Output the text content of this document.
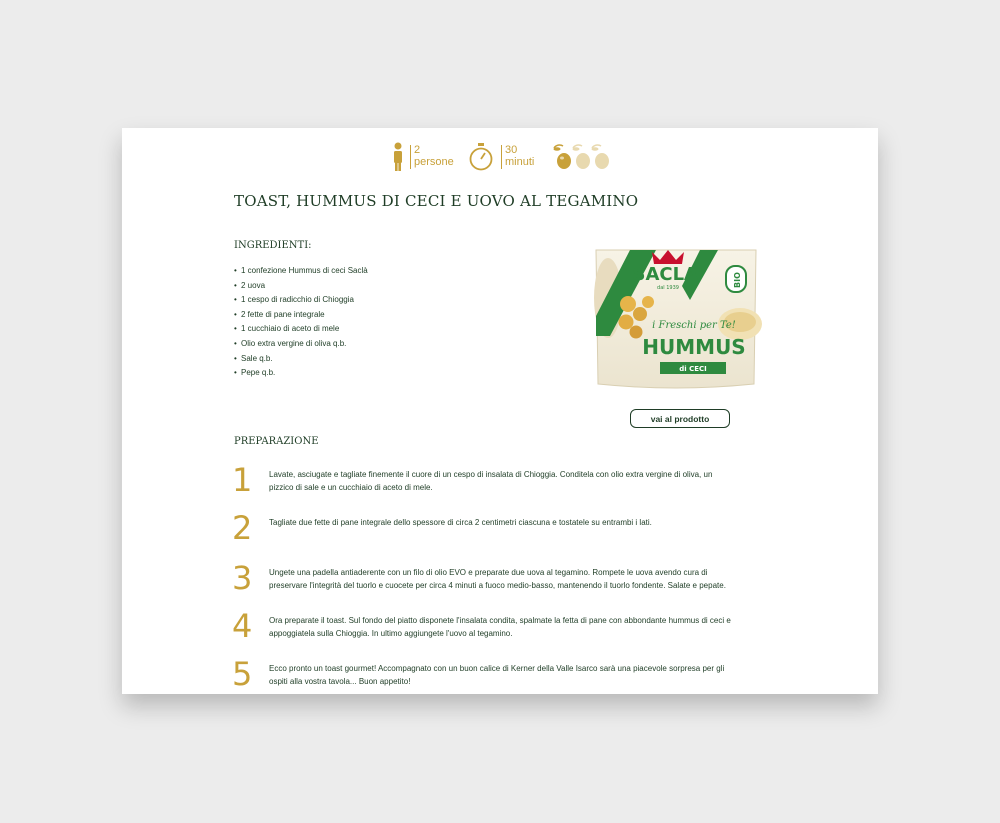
2
persone
30
minuti
TOAST, HUMMUS DI CECI E UOVO AL TEGAMINO
INGREDIENTI:
• 1 confezione Hummus di ceci Saclà
• 2 uova
• 1 cespo di radicchio di Chioggia
• 2 fette di pane integrale
• 1 cucchiaio di aceto di mele
• Olio extra vergine di oliva q.b.
• Sale q.b.
• Pepe q.b.
SACLA'
dal 1939
BIO
i Freschi per Te!
HUMMUS
di CECI
vai al prodotto
PREPARAZIONE
1	Lavate, asciugate e tagliate finemente il cuore di un cespo di insalata di Chioggia. Conditela con olio extra vergine di oliva, un pizzico di sale e un cucchiaio di aceto di mele.
2	Tagliate due fette di pane integrale dello spessore di circa 2 centimetri ciascuna e tostatele su entrambi i lati.
3	Ungete una padella antiaderente con un filo di olio EVO e preparate due uova al tegamino. Rompete le uova avendo cura di preservare l'integrità del tuorlo e cuocete per circa 4 minuti a fuoco medio-basso, mantenendo il tuorlo fondente. Salate e pepate.
4	Ora preparate il toast. Sul fondo del piatto disponete l'insalata condita, spalmate la fetta di pane con abbondante hummus di ceci e appoggiatela sulla Chioggia. In ultimo aggiungete l'uovo al tegamino.
5	Ecco pronto un toast gourmet! Accompagnato con un buon calice di Kerner della Valle Isarco sarà una piacevole sorpresa per gli ospiti alla vostra tavola... Buon appetito!
